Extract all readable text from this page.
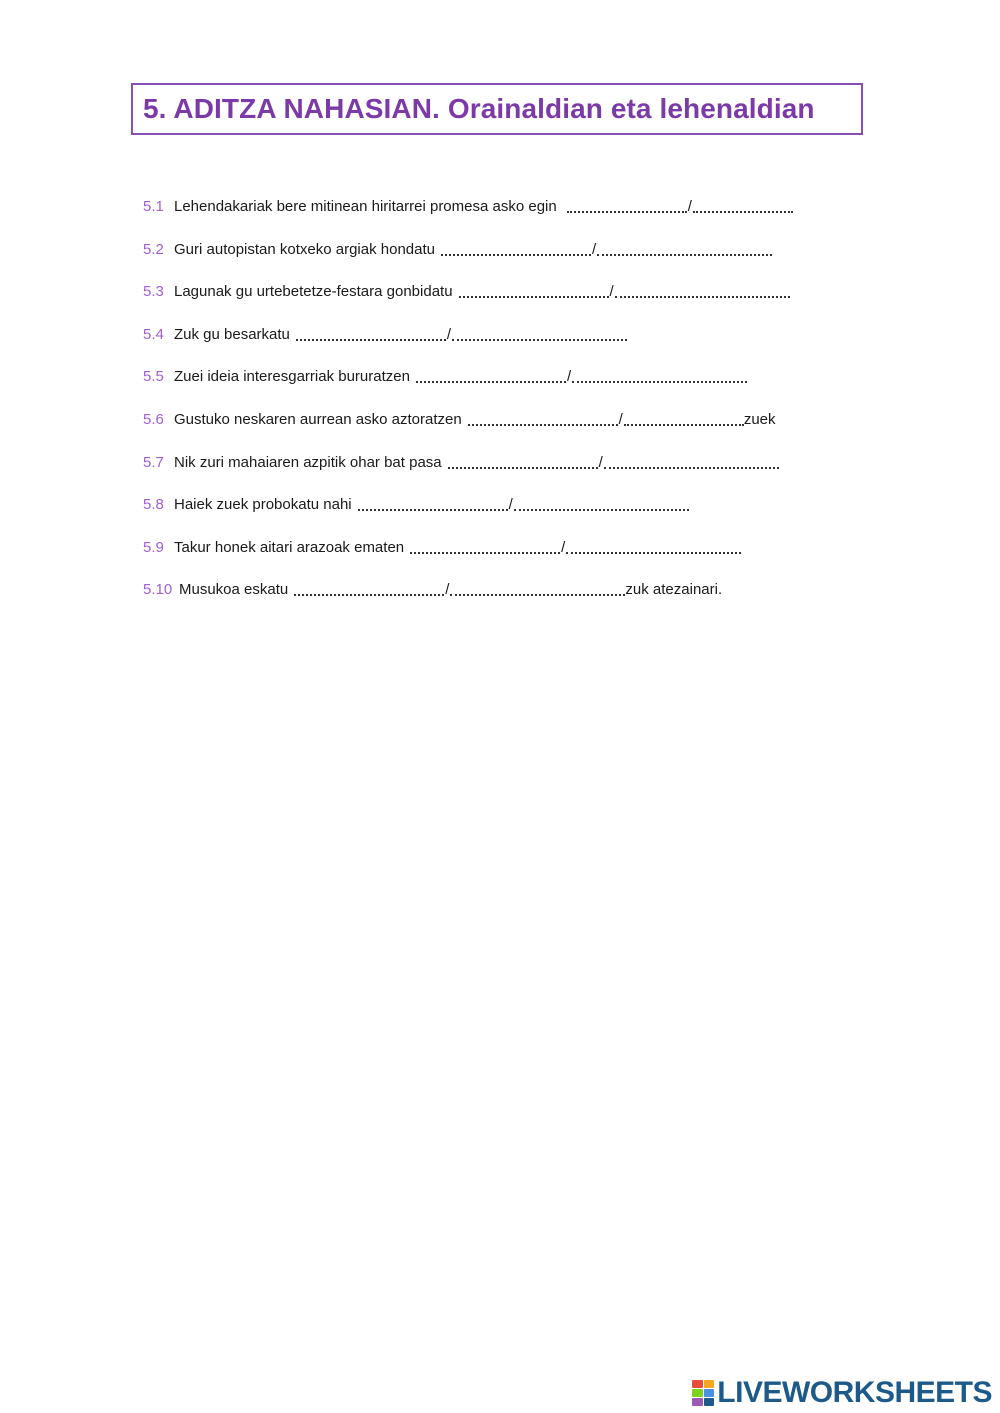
5. ADITZA NAHASIAN. Orainaldian eta lehenaldian
5.1 Lehendakariak bere mitinean hiritarrei promesa asko egin	/
5.2 Guri autopistan kotxeko argiak hondatu	/
5.3 Lagunak gu urtebetetze-festara gonbidatu	/
5.4 Zuk gu besarkatu	/
5.5 Zuei ideia interesgarriak bururatzen	/
5.6 Gustuko neskaren aurrean asko aztoratzen	/	zuek
5.7 Nik zuri mahaiaren azpitik ohar bat pasa	/
5.8 Haiek zuek probokatu nahi	/
5.9 Takur honek aitari arazoak ematen	/
5.10 Musukoa eskatu	/	zuk atezainari.
LIVEWORKSHEETS
